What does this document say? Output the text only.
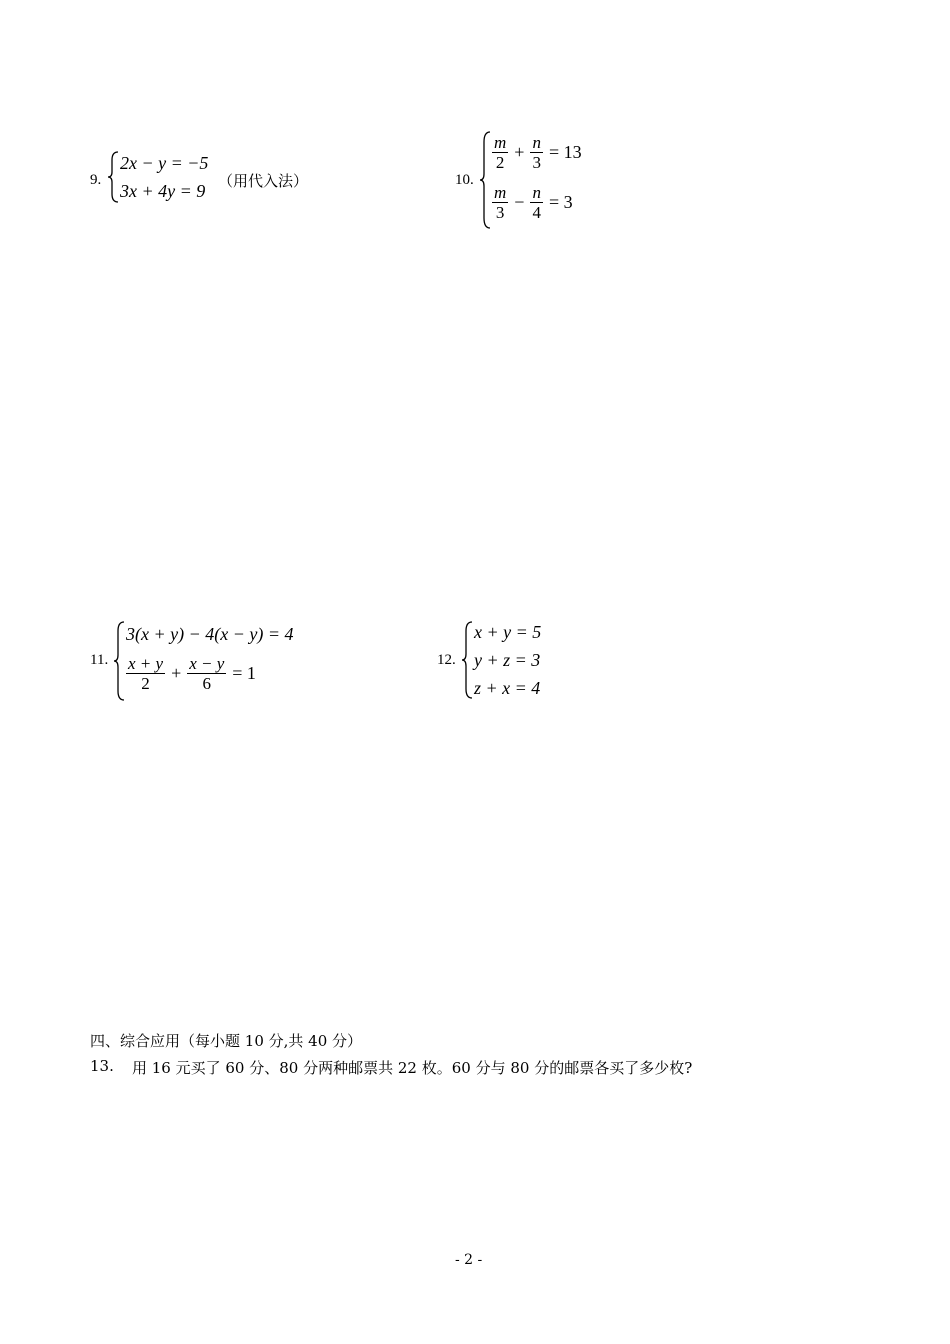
9.
2x − y = −5
3x + 4y = 9 （用代入法）	10.
$\frac{m}{2} + \frac{n}{3} = 13$
$\frac{m}{3} - \frac{n}{4} = 3$
11.
3(x + y) − 4(x − y) = 4
$\frac{x + y}{2} + \frac{x - y}{6} = 1$
12.
x + y = 5
y + z = 3
z + x = 4
四、综合应用（每小题 10 分,共 40 分）
13. 用 16 元买了 60 分、80 分两种邮票共 22 枚。60 分与 80 分的邮票各买了多少枚?
- 2 -
